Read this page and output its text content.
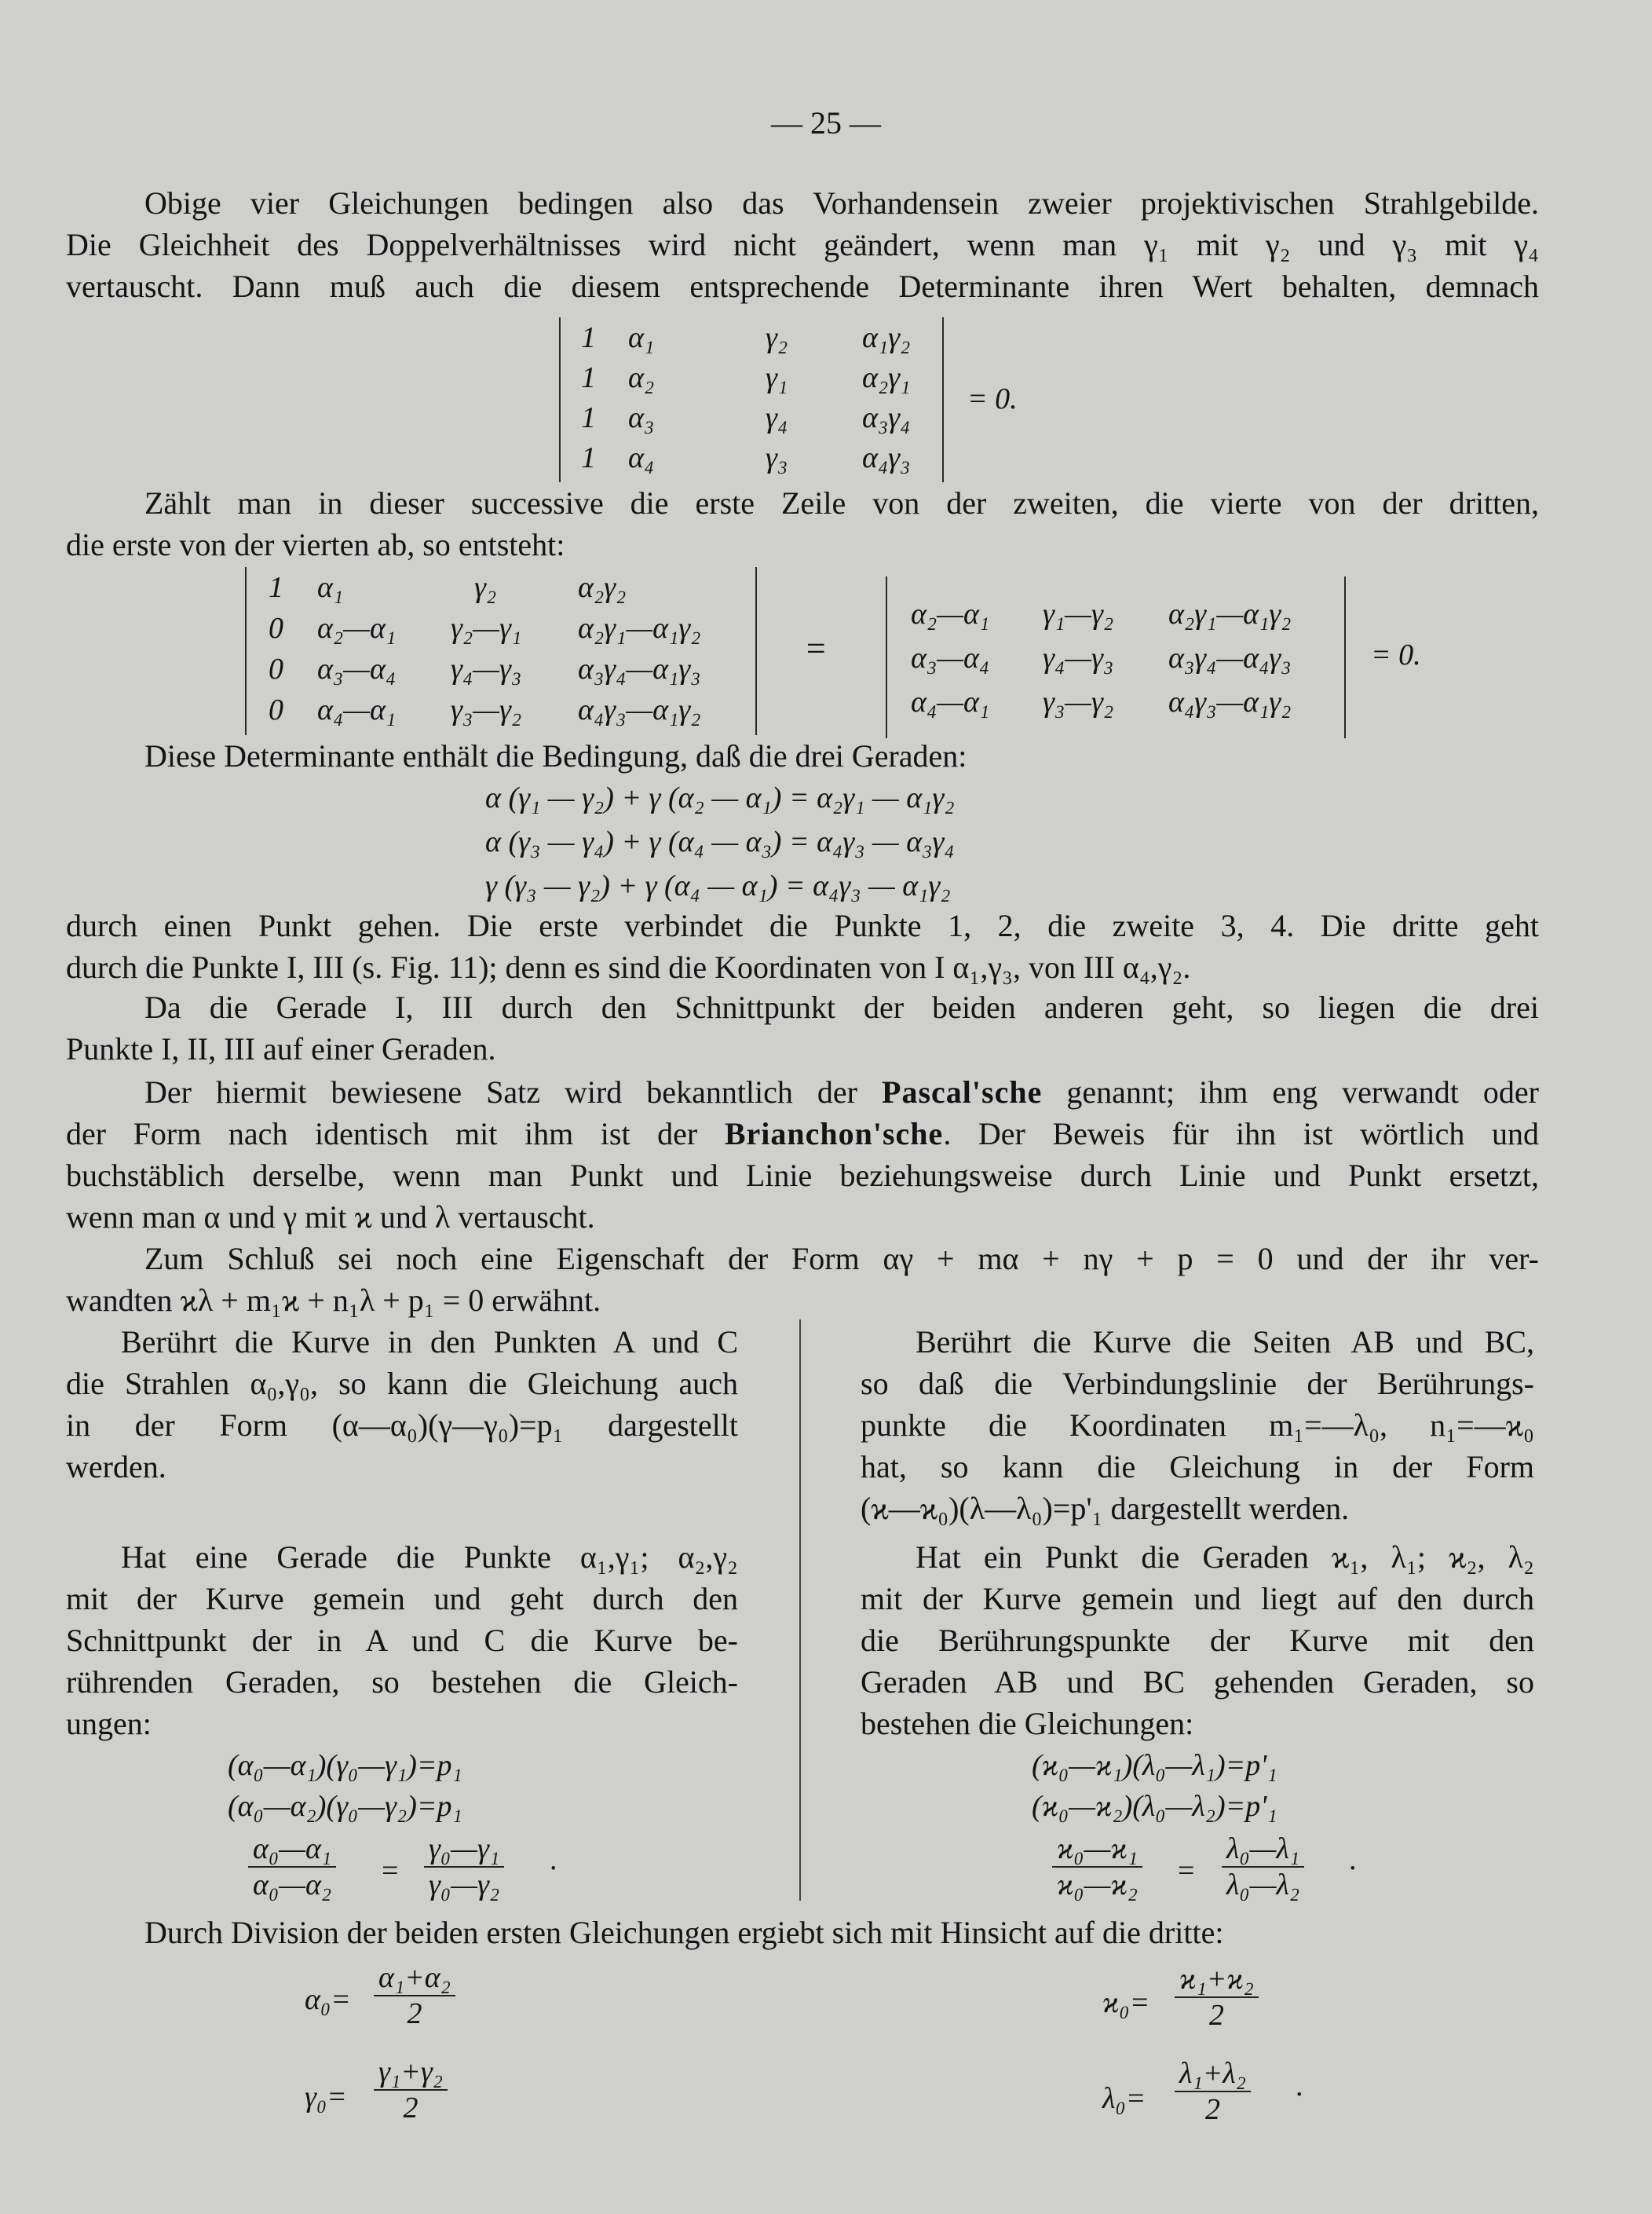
— 25 —
Obige vier Gleichungen bedingen also das Vorhandensein zweier projektivischen Strahlgebilde.
Die Gleichheit des Doppelverhältnisses wird nicht geändert, wenn man γ₁ mit γ₂ und γ₃ mit γ₄
vertauscht. Dann muß auch die diesem entsprechende Determinante ihren Wert behalten, demnach
1 α₁	γ₂ α₁γ₂
1 α₂	γ₁ α₂γ₁
1 α₃	γ₄ α₃γ₄
1 α₄	γ₃ α₄γ₃
= 0.
Zählt man in dieser successive die erste Zeile von der zweiten, die vierte von der dritten,
die erste von der vierten ab, so entsteht:
1 α₁	γ₂	α₂γ₂
0 α₂—α₁ γ₂—γ₁ α₂γ₁—α₁γ₂
0 α₃—α₄ γ₄—γ₃ α₃γ₄—α₁γ₃
0 α₄—α₁ γ₃—γ₂ α₄γ₃—α₁γ₂
=
α₂—α₁ γ₁—γ₂ α₂γ₁—α₁γ₂
α₃—α₄ γ₄—γ₃ α₃γ₄—α₄γ₃
α₄—α₁ γ₃—γ₂ α₄γ₃—α₁γ₂
= 0.
Diese Determinante enthält die Bedingung, daß die drei Geraden:
α (γ₁ — γ₂) + γ (α₂ — α₁) = α₂γ₁ — α₁γ₂
α (γ₃ — γ₄) + γ (α₄ — α₃) = α₄γ₃ — α₃γ₄
γ (γ₃ — γ₂) + γ (α₄ — α₁) = α₄γ₃ — α₁γ₂
durch einen Punkt gehen. Die erste verbindet die Punkte 1, 2, die zweite 3, 4. Die dritte geht
durch die Punkte I, III (s. Fig. 11); denn es sind die Koordinaten von I α₁,γ₃, von III α₄,γ₂.
Da die Gerade I, III durch den Schnittpunkt der beiden anderen geht, so liegen die drei
Punkte I, II, III auf einer Geraden.
Der hiermit bewiesene Satz wird bekanntlich der Pascal'sche genannt; ihm eng verwandt oder
der Form nach identisch mit ihm ist der Brianchon'sche. Der Beweis für ihn ist wörtlich und
buchstäblich derselbe, wenn man Punkt und Linie beziehungsweise durch Linie und Punkt ersetzt,
wenn man α und γ mit ϰ und λ vertauscht.
Zum Schluß sei noch eine Eigenschaft der Form αγ + mα + nγ + p = 0 und der ihr ver-
wandten ϰλ + m₁ϰ + n₁λ + p₁ = 0 erwähnt.
Berührt die Kurve in den Punkten A und C
die Strahlen α₀,γ₀, so kann die Gleichung auch
in der Form (α—α₀)(γ—γ₀)=p₁ dargestellt
werden.
Hat eine Gerade die Punkte α₁,γ₁; α₂,γ₂
mit der Kurve gemein und geht durch den
Schnittpunkt der in A und C die Kurve be-
rührenden Geraden, so bestehen die Gleich-
ungen:
(α₀—α₁)(γ₀—γ₁)=p₁
(α₀—α₂)(γ₀—γ₂)=p₁
$\frac{\text{α₀—α₁}}{\text{α₀—α₂}} = \frac{\text{γ₀—γ₁}}{\text{γ₀—γ₂}}$ .
Berührt die Kurve die Seiten AB und BC,
so daß die Verbindungslinie der Berührungs-
punkte die Koordinaten m₁=—λ₀, n₁=—ϰ₀
hat, so kann die Gleichung in der Form
(ϰ—ϰ₀)(λ—λ₀)=p'₁ dargestellt werden.
Hat ein Punkt die Geraden ϰ₁, λ₁; ϰ₂, λ₂
mit der Kurve gemein und liegt auf den durch
die Berührungspunkte der Kurve mit den
Geraden AB und BC gehenden Geraden, so
bestehen die Gleichungen:
(ϰ₀—ϰ₁)(λ₀—λ₁)=p'₁
(ϰ₀—ϰ₂)(λ₀—λ₂)=p'₁
$\frac{\text{ϰ₀—ϰ₁}}{\text{ϰ₀—ϰ₂}} = \frac{\text{λ₀—λ₁}}{\text{λ₀—λ₂}}$ .
Durch Division der beiden ersten Gleichungen ergiebt sich mit Hinsicht auf die dritte:
$\alpha_0= \frac{\text{α₁+α₂}}{2}$
$\gamma_0= \frac{\text{γ₁+γ₂}}{2}$
$ϰ_0= \frac{\text{ϰ₁+ϰ₂}}{2}$
$\lambda_0= \frac{\text{λ₁+λ₂}}{2}$ .
